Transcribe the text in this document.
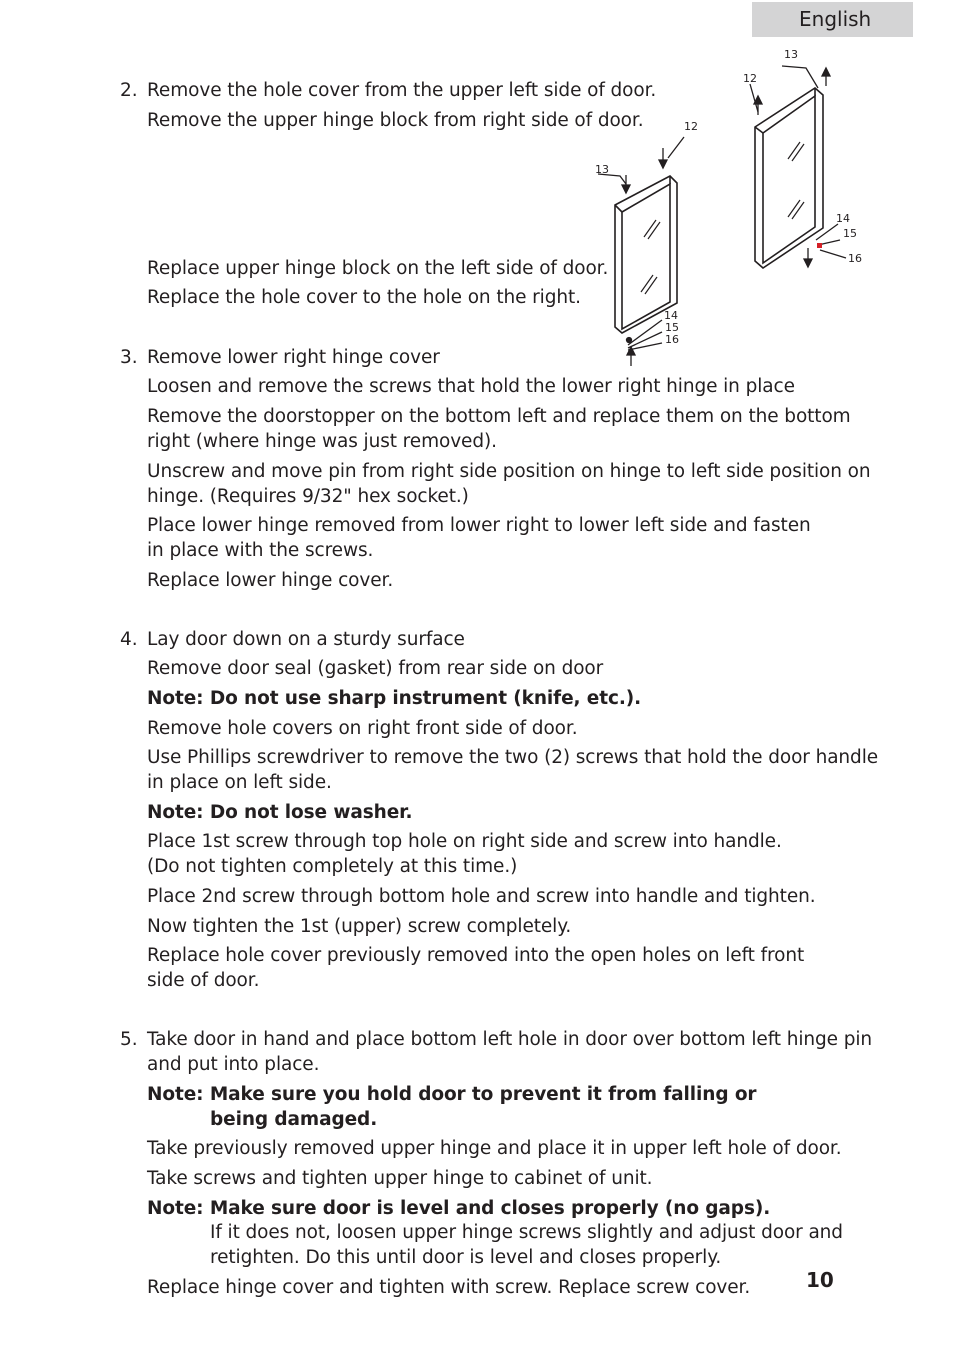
English
2. Remove the hole cover from the upper left side of door.
Remove the upper hinge block from right side of door.
Replace upper hinge block on the left side of door.
Replace the hole cover to the hole on the right.
3. Remove lower right hinge cover
Loosen and remove the screws that hold the lower right hinge in place
Remove the doorstopper on the bottom left and replace them on the bottom
right (where hinge was just removed).
Unscrew and move pin from right side position on hinge to left side position on
hinge. (Requires 9/32" hex socket.)
Place lower hinge removed from lower right to lower left side and fasten
in place with the screws.
Replace lower hinge cover.
4. Lay door down on a sturdy surface
Remove door seal (gasket) from rear side on door
Note: Do not use sharp instrument (knife, etc.).
Remove hole covers on right front side of door.
Use Phillips screwdriver to remove the two (2) screws that hold the door handle
in place on left side.
Note: Do not lose washer.
Place 1st screw through top hole on right side and screw into handle.
(Do not tighten completely at this time.)
Place 2nd screw through bottom hole and screw into handle and tighten.
Now tighten the 1st (upper) screw completely.
Replace hole cover previously removed into the open holes on left front
side of door.
5. Take door in hand and place bottom left hole in door over bottom left hinge pin
and put into place.
Note: Make sure you hold door to prevent it from falling or
being damaged.
Take previously removed upper hinge and place it in upper left hole of door.
Take screws and tighten upper hinge to cabinet of unit.
Note: Make sure door is level and closes properly (no gaps).
If it does not, loosen upper hinge screws slightly and adjust door and
retighten. Do this until door is level and closes properly.
Replace hinge cover and tighten with screw. Replace screw cover.	10
12
13
14
15
16
13
12
14
15
16
